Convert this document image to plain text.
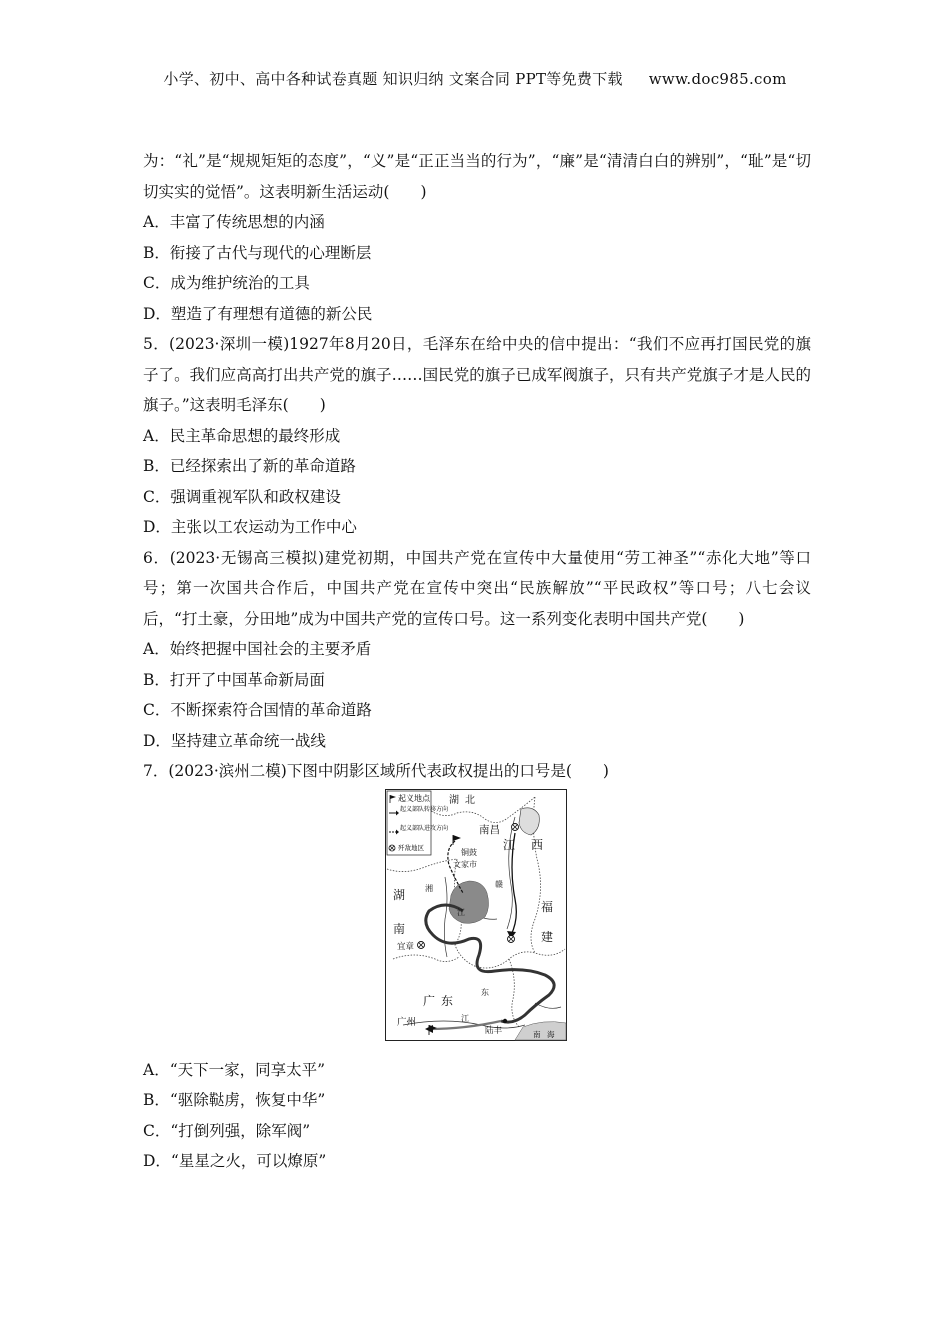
小学、初中、高中各种试卷真题 知识归纳 文案合同 PPT等免费下载 www.doc985.com

为：“礼”是“规规矩矩的态度”，“义”是“正正当当的行为”，“廉”是“清清白白的辨别”，“耻”是“切切实实的觉悟”。这表明新生活运动(　　)

A．丰富了传统思想的内涵

B．衔接了古代与现代的心理断层

C．成为维护统治的工具

D．塑造了有理想有道德的新公民

5．(2023·深圳一模)1927年8月20日，毛泽东在给中央的信中提出：“我们不应再打国民党的旗子了。我们应高高打出共产党的旗子……国民党的旗子已成军阀旗子，只有共产党旗子才是人民的旗子。”这表明毛泽东(　　)

A．民主革命思想的最终形成

B．已经探索出了新的革命道路

C．强调重视军队和政权建设

D．主张以工农运动为工作中心

6．(2023·无锡高三模拟)建党初期，中国共产党在宣传中大量使用“劳工神圣”“赤化大地”等口号；第一次国共合作后，中国共产党在宣传中突出“民族解放”“平民政权”等口号；八七会议后，“打土豪，分田地”成为中国共产党的宣传口号。这一系列变化表明中国共产党(　　)

A．始终把握中国社会的主要矛盾

B．打开了中国革命新局面

C．不断探索符合国情的革命道路

D．坚持建立革命统一战线

7．(2023·滨州二模)下图中阴影区域所代表政权提出的口号是(　　)

起义地点
起义部队转移方向
起义部队进攻方向
歼敌地区
湖 北
南昌
江 西
铜鼓
文家市
湖 湘	赣
福
建
南
宜章
江
广 东
东
广州	江
陆丰	南 海

A．“天下一家，同享太平”

B．“驱除鞑虏，恢复中华”

C．“打倒列强，除军阀”

D．“星星之火，可以燎原”
